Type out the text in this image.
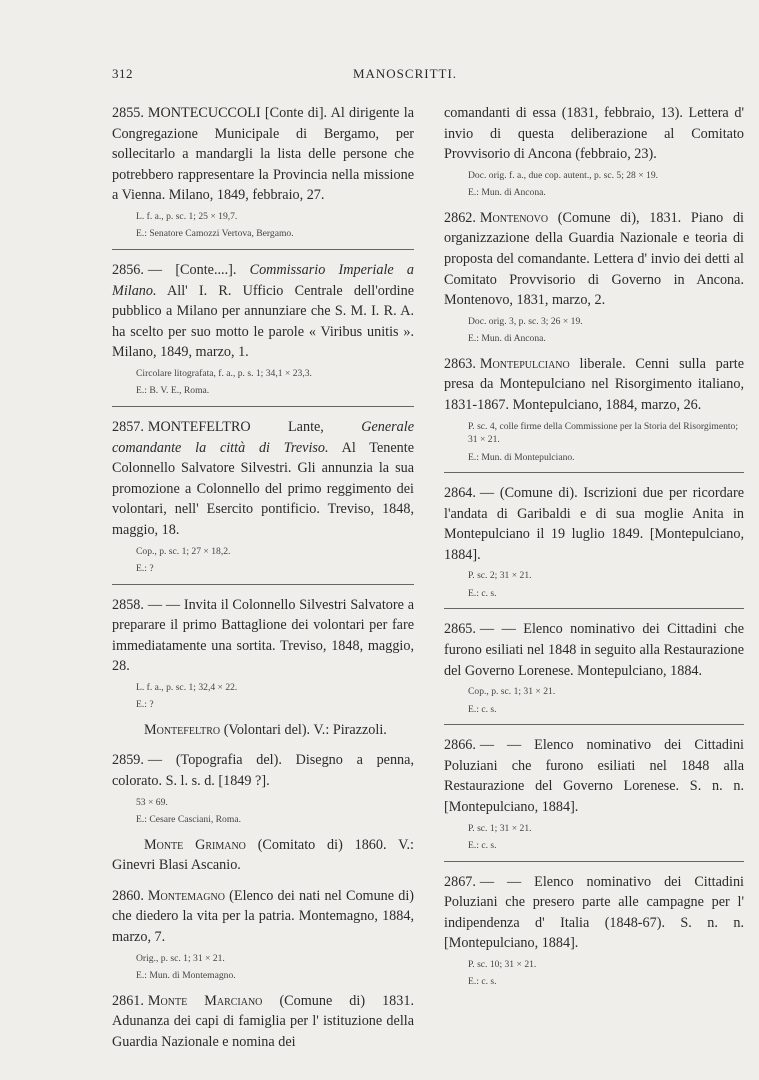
312	MANOSCRITTI.

2855. MONTECUCCOLI [Conte di]. Al dirigente la Congregazione Municipale di Bergamo, per sollecitarlo a mandargli la lista delle persone che potrebbero rappresentare la Provincia nella missione a Vienna. Milano, 1849, febbraio, 27.

L. f. a., p. sc. 1; 25 × 19,7.
E.: Senatore Camozzi Vertova, Bergamo.

2856. — [Conte....]. Commissario Imperiale a Milano. All' I. R. Ufficio Centrale dell'ordine pubblico a Milano per annunziare che S. M. I. R. A. ha scelto per suo motto le parole « Viribus unitis ». Milano, 1849, marzo, 1.

Circolare litografata, f. a., p. s. 1; 34,1 × 23,3.
E.: B. V. E., Roma.

2857. MONTEFELTRO Lante,	Generale comandante la città di Treviso. Al Tenente Colonnello Salvatore Silvestri. Gli annunzia la sua promozione a Colonnello del primo reggimento dei volontari, nell' Esercito pontificio. Treviso, 1848, maggio, 18.

Cop., p. sc. 1; 27 × 18,2.
E.: ?

2858. — — Invita il Colonnello Silvestri Salvatore a preparare il primo Battaglione dei volontari per fare immediatamente una sortita. Treviso, 1848, maggio, 28.

L. f. a., p. sc. 1; 32,4 × 22.
E.: ?

Montefeltro (Volontari del). V.: Pirazzoli.

2859. — (Topografia del). Disegno a penna, colorato. S. l. s. d. [1849 ?].

53 × 69.
E.: Cesare Casciani, Roma.

Monte Grimano (Comitato di) 1860. V.: Ginevri Blasi Ascanio.

2860. Montemagno (Elenco dei nati nel Comune di) che diedero la vita per la patria. Montemagno, 1884, marzo, 7.

Orig., p. sc. 1; 31 × 21.
E.: Mun. di Montemagno.

2861. Monte Marciano (Comune di) 1831. Adunanza dei capi di famiglia per l' istituzione della Guardia Nazionale e nomina dei

comandanti di essa (1831, febbraio, 13). Lettera d' invio di questa deliberazione al Comitato Provvisorio di Ancona (febbraio, 23).

Doc. orig. f. a., due cop. autent., p. sc. 5; 28 × 19.
E.: Mun. di Ancona.

2862. Montenovo (Comune di), 1831. Piano di organizzazione della Guardia Nazionale e teoria di proposta del comandante. Lettera d' invio dei detti al Comitato Provvisorio di Governo in Ancona. Montenovo, 1831, marzo, 2.

Doc. orig. 3, p. sc. 3; 26 × 19.
E.: Mun. di Ancona.

2863. Montepulciano liberale. Cenni sulla parte presa da Montepulciano nel Risorgimento italiano, 1831-1867. Montepulciano, 1884, marzo, 26.

P. sc. 4, colle firme della Commissione per la Storia del Risorgimento; 31 × 21.
E.: Mun. di Montepulciano.

2864. — (Comune di). Iscrizioni due per ricordare l'andata di Garibaldi e di sua moglie Anita in Montepulciano il 19 luglio 1849. [Montepulciano, 1884].

P. sc. 2; 31 × 21.
E.: c. s.

2865. — — Elenco nominativo dei Cittadini che furono esiliati nel 1848 in seguito alla Restaurazione del Governo Lorenese. Montepulciano, 1884.

Cop., p. sc. 1; 31 × 21.
E.: c. s.

2866. — — Elenco nominativo dei Cittadini Poluziani che furono esiliati nel 1848 alla Restaurazione del Governo Lorenese. S. n. n. [Montepulciano, 1884].

P. sc. 1; 31 × 21.
E.: c. s.

2867. — — Elenco nominativo dei Cittadini Poluziani che presero parte alle campagne per l' indipendenza d' Italia (1848-67). S. n. n. [Montepulciano, 1884].

P. sc. 10; 31 × 21.
E.: c. s.
